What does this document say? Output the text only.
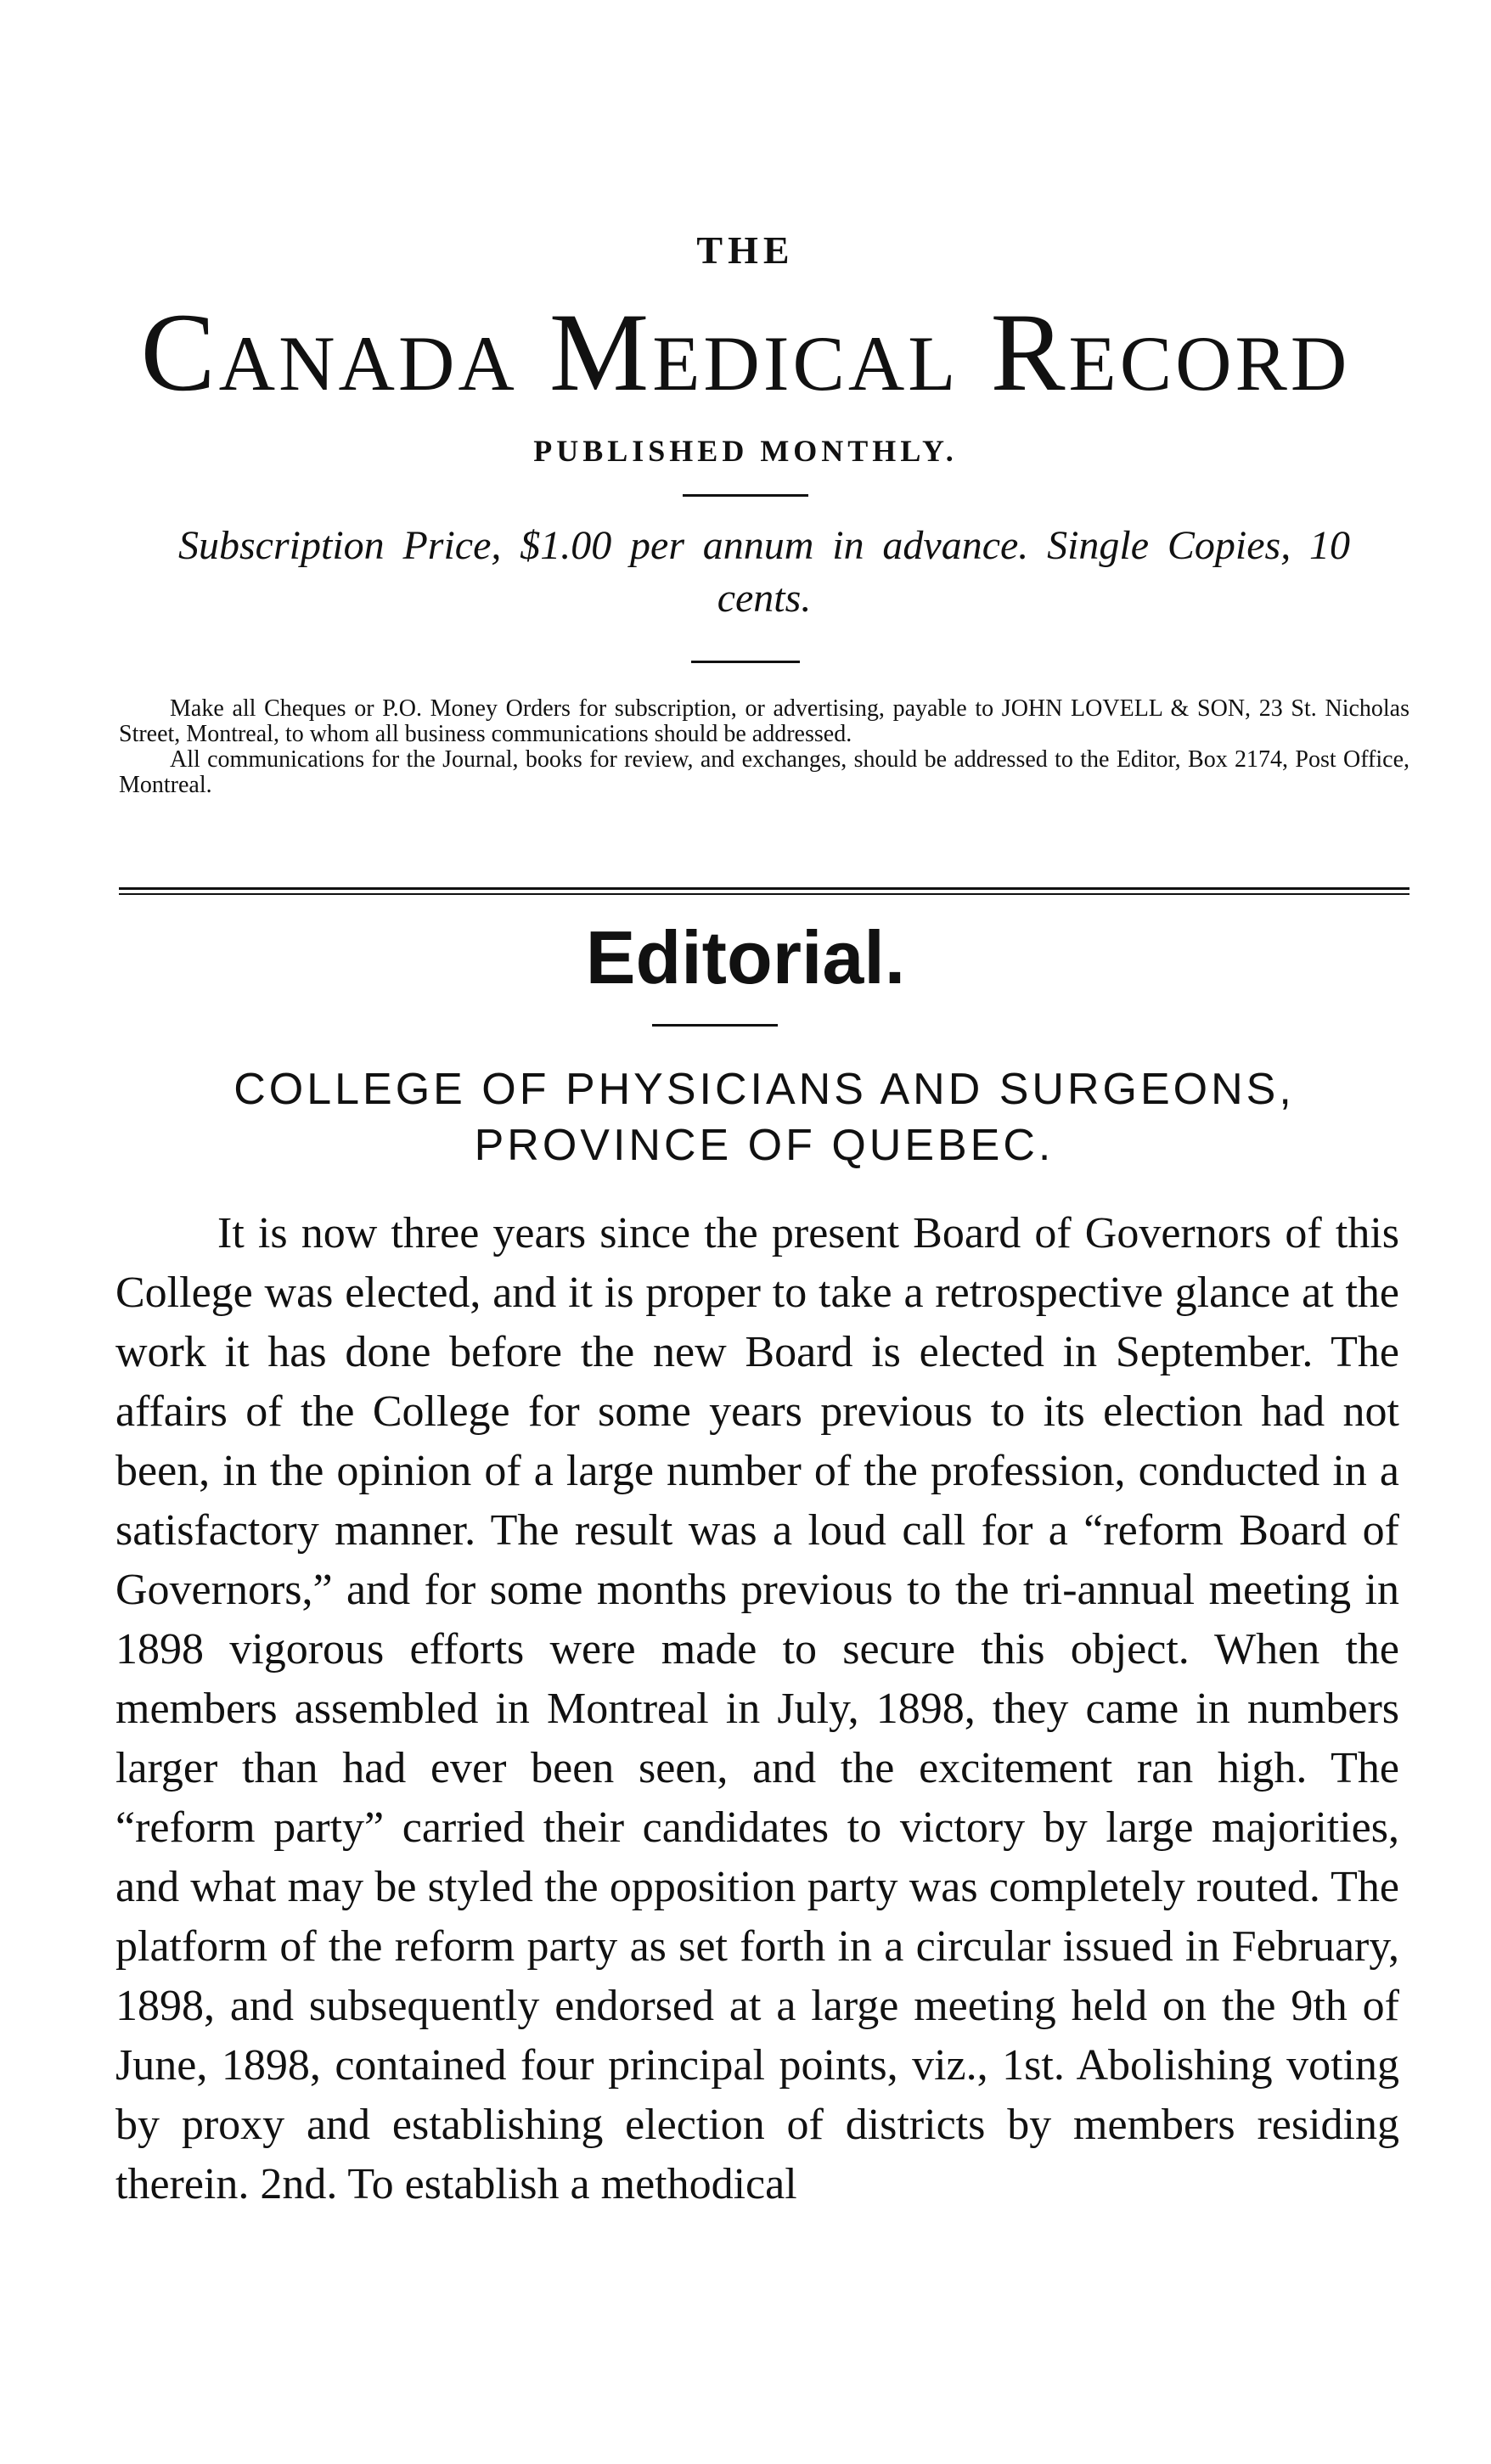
THE
Canada Medical Record
PUBLISHED MONTHLY.
Subscription Price, $1.00 per annum in advance. Single Copies, 10 cents.

Make all Cheques or P.O. Money Orders for subscription, or advertising, payable to JOHN LOVELL & SON, 23 St. Nicholas Street, Montreal, to whom all business communications should be addressed.

All communications for the Journal, books for review, and exchanges, should be addressed to the Editor, Box 2174, Post Office, Montreal.

Editorial.
COLLEGE OF PHYSICIANS AND SURGEONS,
PROVINCE OF QUEBEC.

It is now three years since the present Board of Governors of this College was elected, and it is proper to take a retrospective glance at the work it has done before the new Board is elected in September. The affairs of the College for some years previous to its election had not been, in the opinion of a large number of the profession, conducted in a satisfactory manner. The result was a loud call for a “reform Board of Governors,” and for some months previous to the tri-annual meeting in 1898 vigorous efforts were made to secure this object. When the members assembled in Montreal in July, 1898, they came in numbers larger than had ever been seen, and the excitement ran high. The “reform party” carried their candidates to victory by large majorities, and what may be styled the opposition party was completely routed. The platform of the reform party as set forth in a circular issued in February, 1898, and subsequently endorsed at a large meeting held on the 9th of June, 1898, contained four principal points, viz., 1st. Abolishing voting by proxy and establishing election of districts by members residing therein. 2nd. To establish a methodical
